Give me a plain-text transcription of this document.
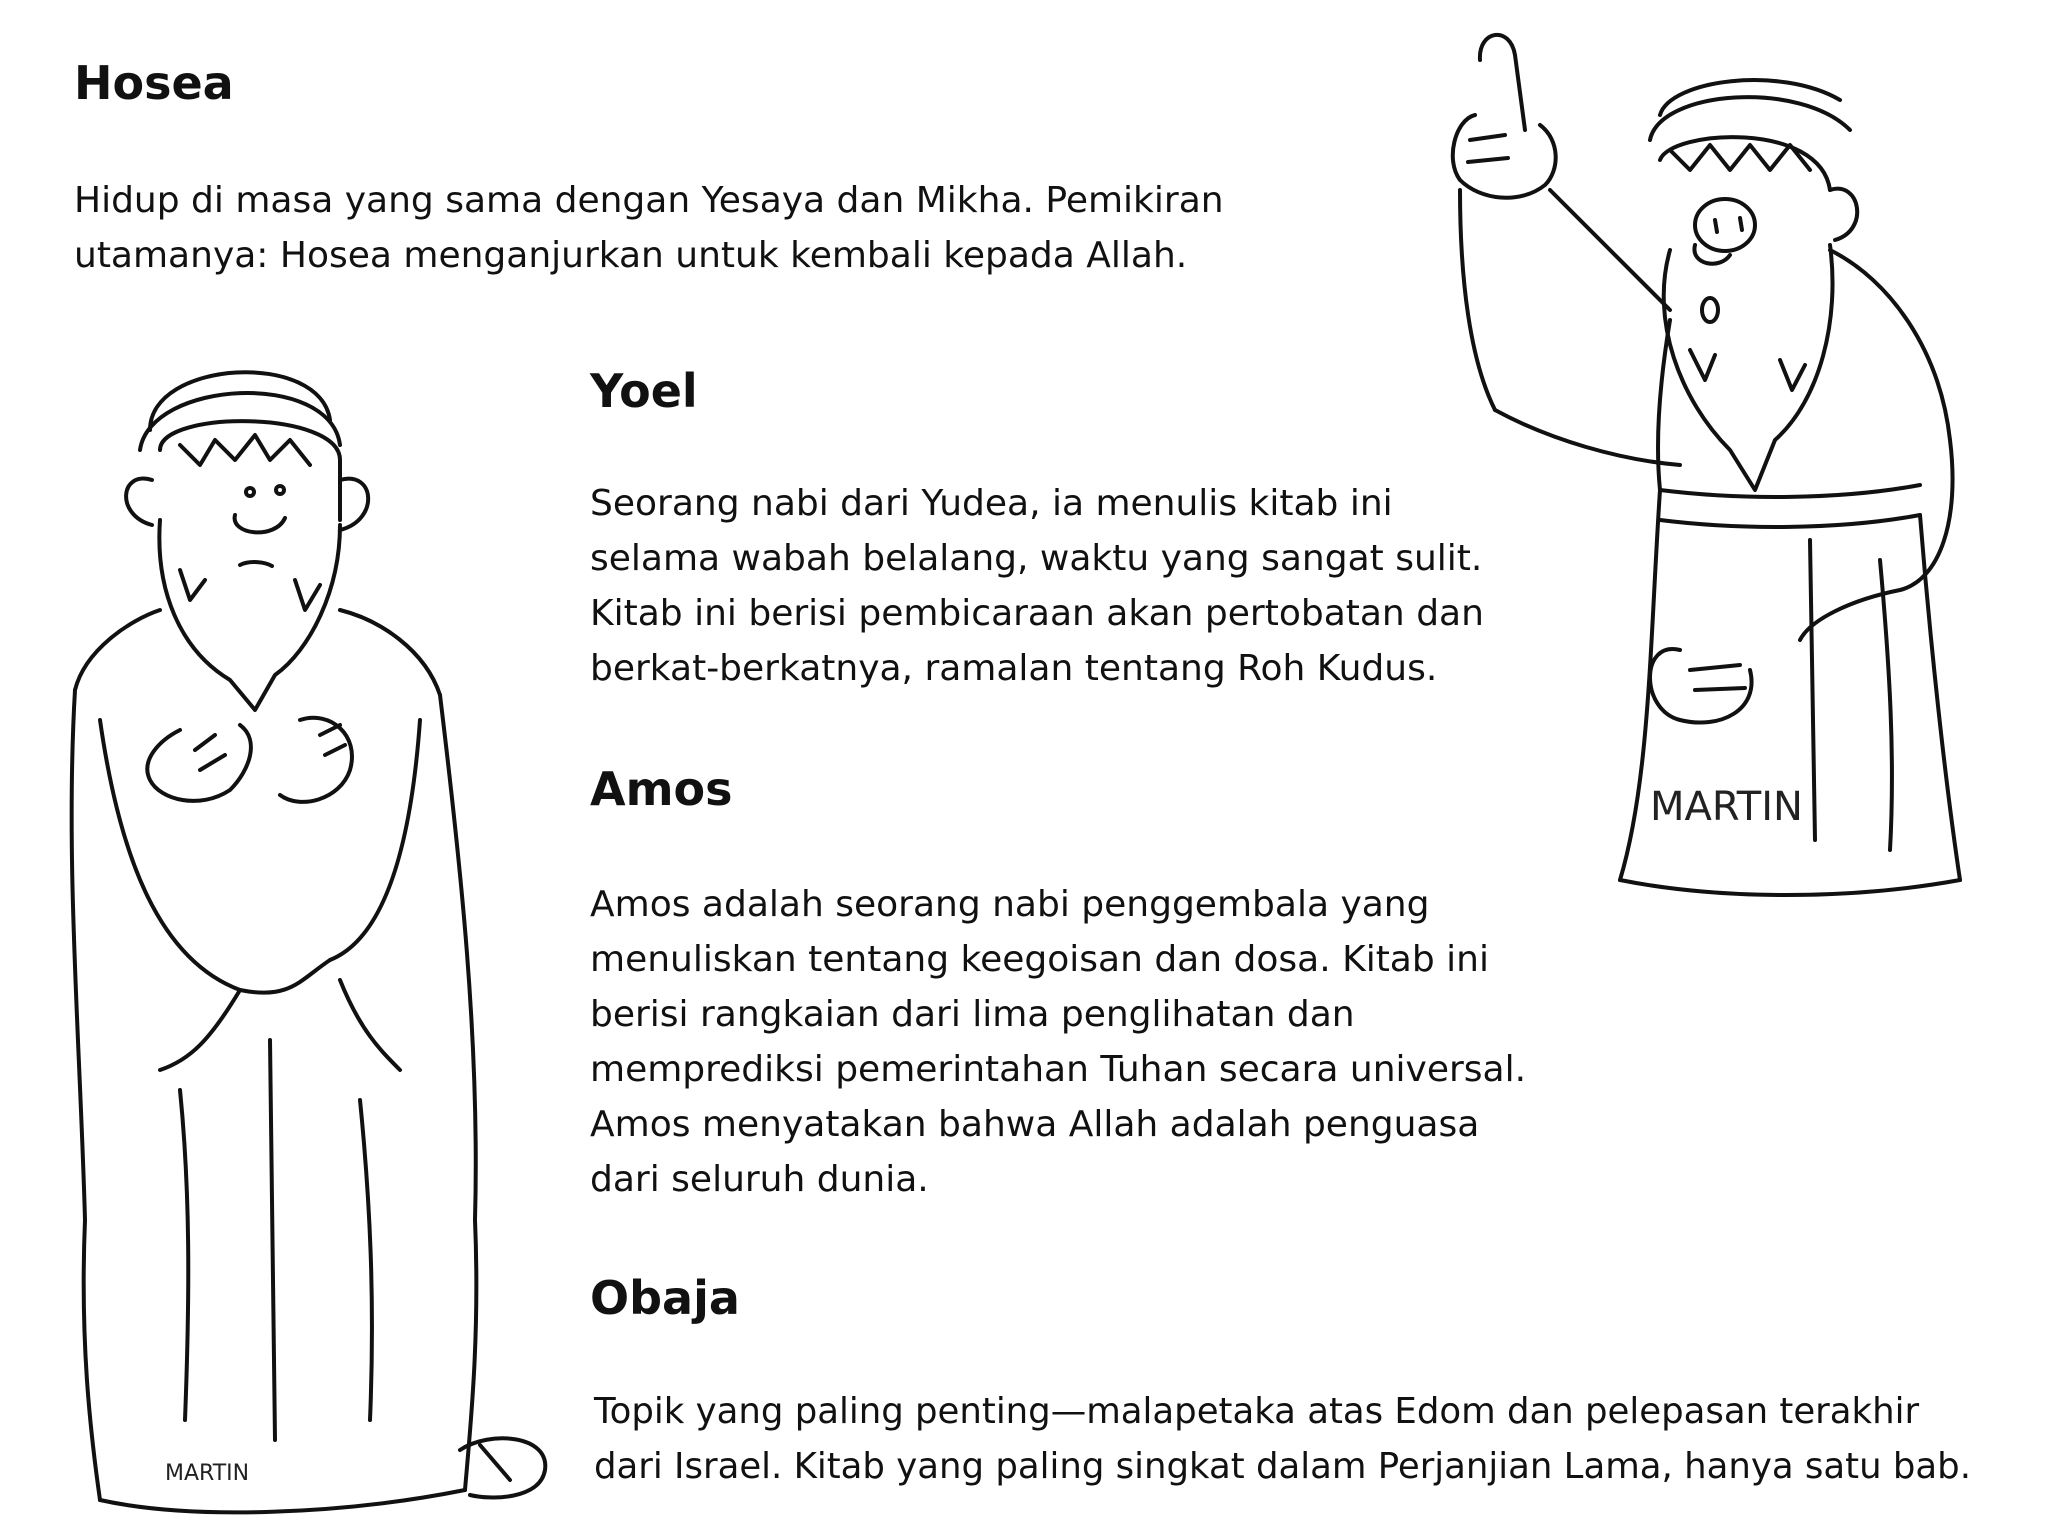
Hosea
Hidup di masa yang sama dengan Yesaya dan Mikha. Pemikiran
utamanya: Hosea menganjurkan untuk kembali kepada Allah.
Yoel
Seorang nabi dari Yudea, ia menulis kitab ini
selama wabah belalang, waktu yang sangat sulit.
Kitab ini berisi pembicaraan akan pertobatan dan
berkat-berkatnya, ramalan tentang Roh Kudus.
Amos
Amos adalah seorang nabi penggembala yang
menuliskan tentang keegoisan dan dosa. Kitab ini
berisi rangkaian dari lima penglihatan dan
memprediksi pemerintahan Tuhan secara universal.
Amos menyatakan bahwa Allah adalah penguasa
dari seluruh dunia.
Obaja
Topik yang paling penting—malapetaka atas Edom dan pelepasan terakhir
dari Israel. Kitab yang paling singkat dalam Perjanjian Lama, hanya satu bab.
MARTIN
MARTIN
